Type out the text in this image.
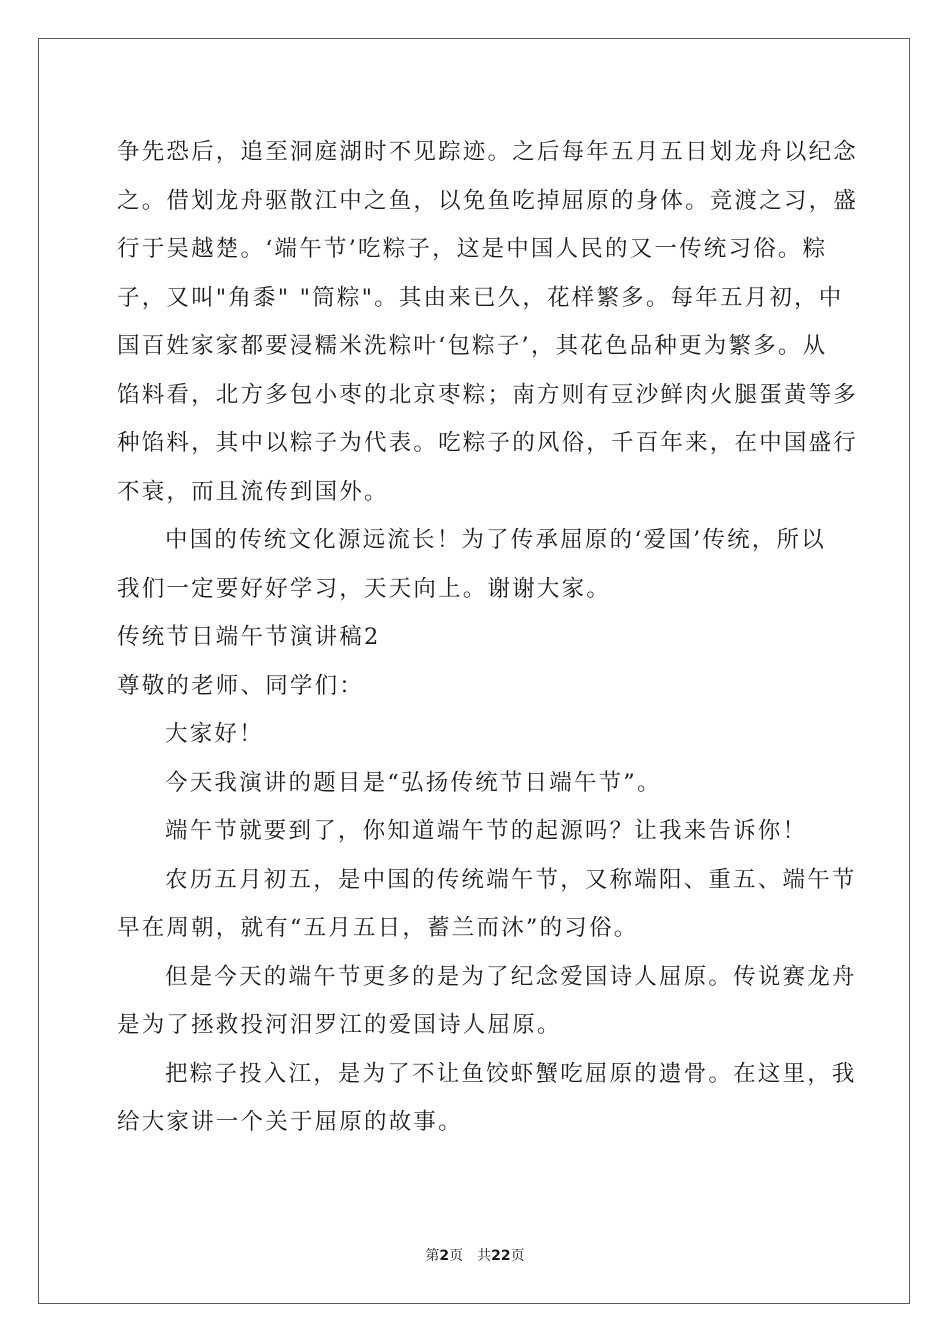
争先恐后，追至洞庭湖时不见踪迹。之后每年五月五日划龙舟以纪念
之。借划龙舟驱散江中之鱼，以免鱼吃掉屈原的身体。竞渡之习，盛
行于吴越楚。‘端午节’吃粽子，这是中国人民的又一传统习俗。粽
子，又叫"角黍" "筒粽"。其由来已久，花样繁多。每年五月初，中
国百姓家家都要浸糯米洗粽叶‘包粽子’，其花色品种更为繁多。从
馅料看，北方多包小枣的北京枣粽；南方则有豆沙鲜肉火腿蛋黄等多
种馅料，其中以粽子为代表。吃粽子的风俗，千百年来，在中国盛行
不衰，而且流传到国外。

中国的传统文化源远流长！为了传承屈原的‘爱国’传统，所以
我们一定要好好学习，天天向上。谢谢大家。

传统节日端午节演讲稿2

尊敬的老师、同学们：

大家好！

今天我演讲的题目是“弘扬传统节日端午节”。

端午节就要到了，你知道端午节的起源吗？让我来告诉你！

农历五月初五，是中国的传统端午节，又称端阳、重五、端午节
早在周朝，就有“五月五日，蓄兰而沐”的习俗。

但是今天的端午节更多的是为了纪念爱国诗人屈原。传说赛龙舟
是为了拯救投河汨罗江的爱国诗人屈原。

把粽子投入江，是为了不让鱼饺虾蟹吃屈原的遗骨。在这里，我
给大家讲一个关于屈原的故事。

第2页 共22页
